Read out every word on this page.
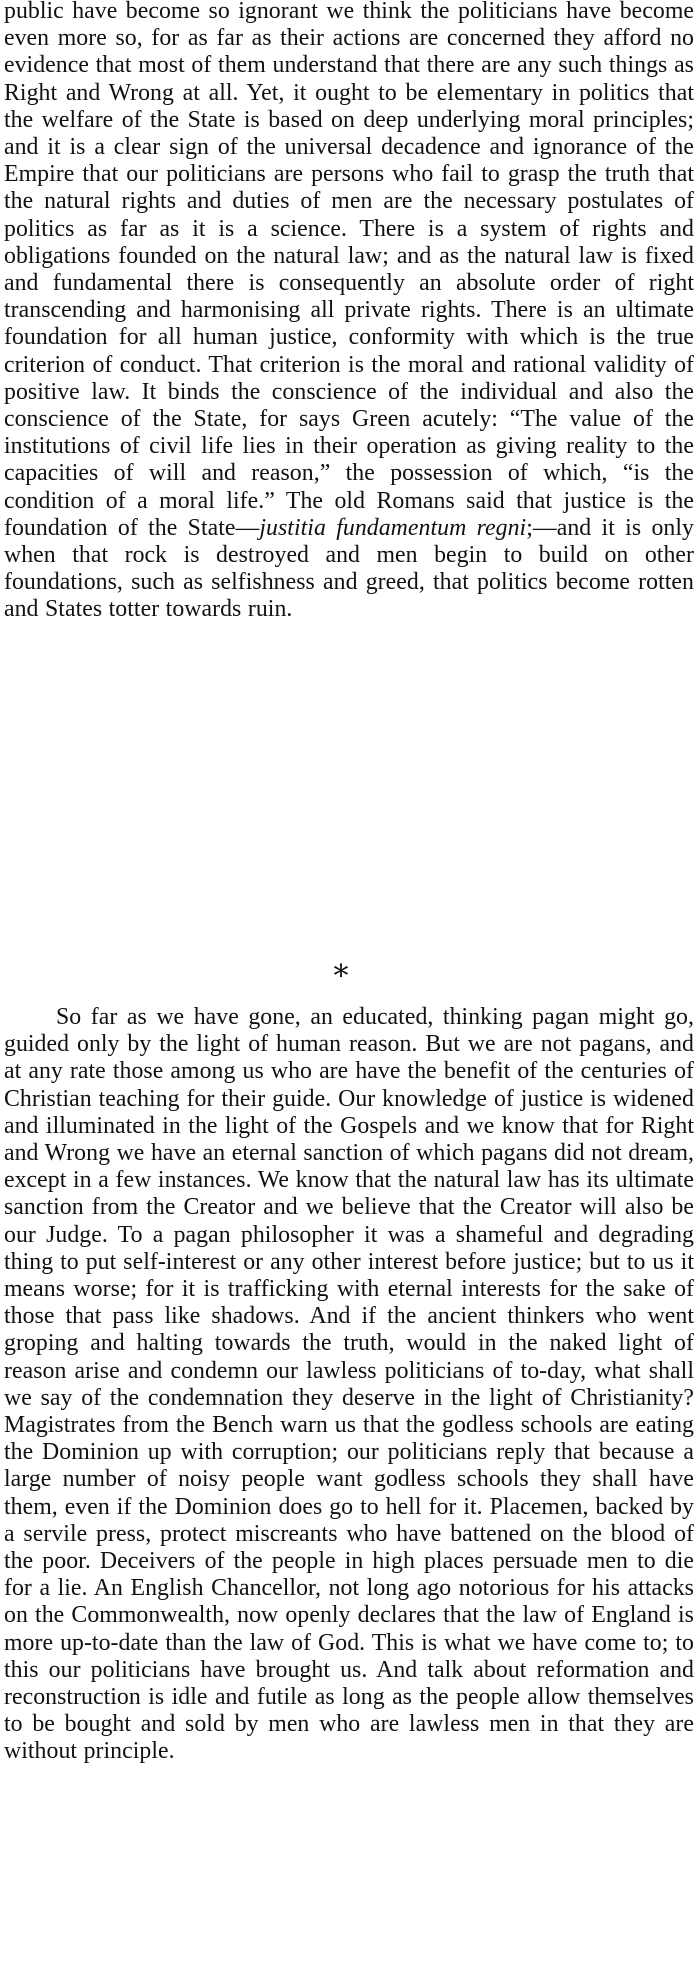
public have become so ignorant we think the politicians have become even more so, for as far as their actions are concerned they afford no evidence that most of them understand that there are any such things as Right and Wrong at all. Yet, it ought to be elementary in politics that the welfare of the State is based on deep underlying moral principles; and it is a clear sign of the universal decadence and ignorance of the Empire that our politicians are persons who fail to grasp the truth that the natural rights and duties of men are the necessary postulates of politics as far as it is a science. There is a system of rights and obligations founded on the natural law; and as the natural law is fixed and fundamental there is consequently an absolute order of right transcending and harmonising all private rights. There is an ultimate foundation for all human justice, conformity with which is the true criterion of conduct. That criterion is the moral and rational validity of positive law. It binds the conscience of the individual and also the conscience of the State, for says Green acutely: “The value of the institutions of civil life lies in their operation as giving reality to the capacities of will and reason,” the possession of which, “is the condition of a moral life.” The old Romans said that justice is the foundation of the State—justitia fundamentum regni;—and it is only when that rock is destroyed and men begin to build on other foundations, such as selfishness and greed, that politics become rotten and States totter towards ruin.

*

So far as we have gone, an educated, thinking pagan might go, guided only by the light of human reason. But we are not pagans, and at any rate those among us who are have the benefit of the centuries of Christian teaching for their guide. Our knowledge of justice is widened and illuminated in the light of the Gospels and we know that for Right and Wrong we have an eternal sanction of which pagans did not dream, except in a few instances. We know that the natural law has its ultimate sanction from the Creator and we believe that the Creator will also be our Judge. To a pagan philosopher it was a shameful and degrading thing to put self-interest or any other interest before justice; but to us it means worse; for it is trafficking with eternal interests for the sake of those that pass like shadows. And if the ancient thinkers who went groping and halting towards the truth, would in the naked light of reason arise and condemn our lawless politicians of to-day, what shall we say of the condemnation they deserve in the light of Christianity? Magistrates from the Bench warn us that the godless schools are eating the Dominion up with corruption; our politicians reply that because a large number of noisy people want godless schools they shall have them, even if the Dominion does go to hell for it. Placemen, backed by a servile press, protect miscreants who have battened on the blood of the poor. Deceivers of the people in high places persuade men to die for a lie. An English Chancellor, not long ago notorious for his attacks on the Commonwealth, now openly declares that the law of England is more up-to-date than the law of God. This is what we have come to; to this our politicians have brought us. And talk about reformation and reconstruction is idle and futile as long as the people allow themselves to be bought and sold by men who are lawless men in that they are without principle.
